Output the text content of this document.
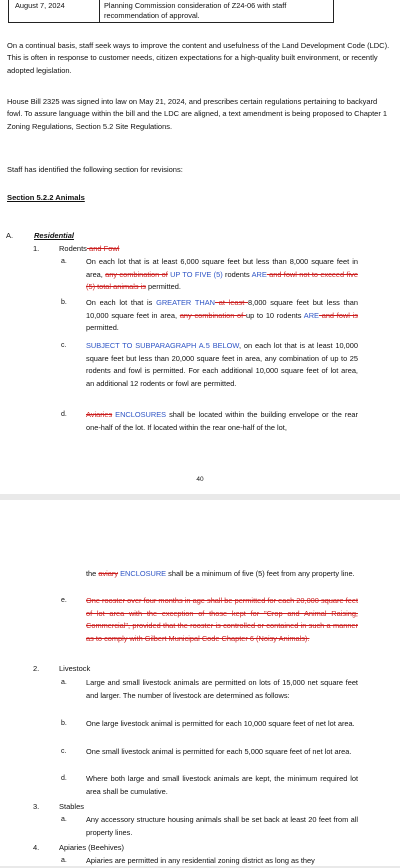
August 7, 2024	Planning Commission consideration of Z24-06 with staff recommendation of approval.

On a continual basis, staff seek ways to improve the content and usefulness of the Land Development Code (LDC). This is often in response to customer needs, citizen expectations for a high-quality built environment, or recently adopted legislation.

House Bill 2325 was signed into law on May 21, 2024, and prescribes certain regulations pertaining to backyard fowl. To assure language within the bill and the LDC are aligned, a text amendment is being proposed to Chapter 1 Zoning Regulations, Section 5.2 Site Regulations.

Staff has identified the following section for revisions:

Section 5.2.2 Animals
A.	Residential
1.	Rodents and Fowl
a.	On each lot that is at least 6,000 square feet but less than 8,000 square feet in area, any combination of UP TO FIVE (5) rodents ARE and fowl not to exceed five (5) total animals is permitted.

b.	On each lot that is GREATER THAN at least 8,000 square feet but less than 10,000 square feet in area, any combination of up to 10 rodents ARE and fowl is permitted.

c.	SUBJECT TO SUBPARAGRAPH A.5 BELOW, on each lot that is at least 10,000 square feet but less than 20,000 square feet in area, any combination of up to 25 rodents and fowl is permitted. For each additional 10,000 square feet of lot area, an additional 12 rodents or fowl are permitted.

d.	Aviaries ENCLOSURES shall be located within the building envelope or the rear one-half of the lot. If located within the rear one-half of the lot,

40

the aviary ENCLOSURE shall be a minimum of five (5) feet from any property line.

e.	One rooster over four months in age shall be permitted for each 20,000 square feet of lot area with the exception of those kept for "Crop and Animal Raising, Commercial", provided that the rooster is controlled or contained in such a manner as to comply with Gilbert Municipal Code Chapter 6 (Noisy Animals).

2.	Livestock
a.	Large and small livestock animals are permitted on lots of 15,000 net square feet and larger. The number of livestock are determined as follows:

b.	One large livestock animal is permitted for each 10,000 square feet of net lot area.

c.	One small livestock animal is permitted for each 5,000 square feet of net lot area.

d.	Where both large and small livestock animals are kept, the minimum required lot area shall be cumulative.

3.	Stables
a.	Any accessory structure housing animals shall be set back at least 20 feet from all property lines.

4.	Apiaries (Beehives)
a.	Apiaries are permitted in any residential zoning district as long as they
